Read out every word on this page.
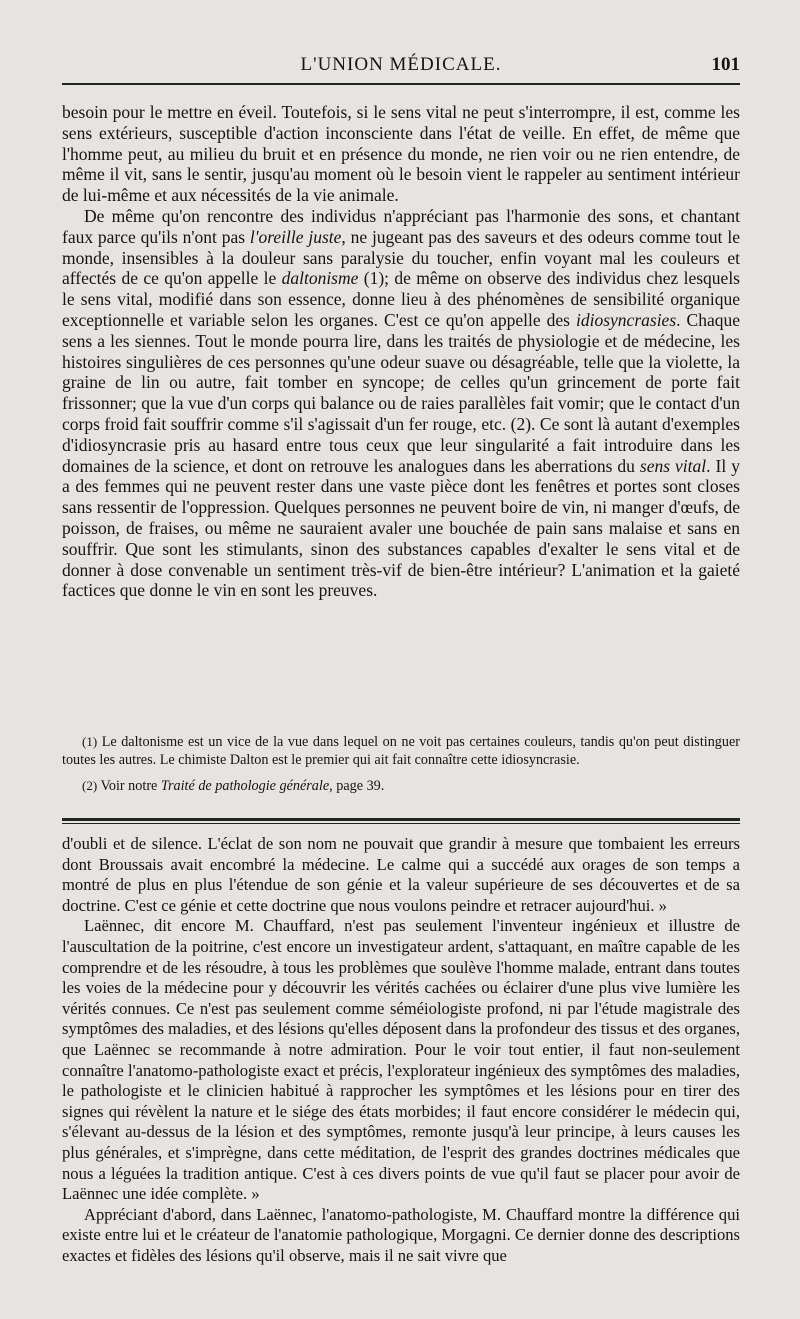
L'UNION MÉDICALE.	101

besoin pour le mettre en éveil. Toutefois, si le sens vital ne peut s'interrompre, il est, comme les sens extérieurs, susceptible d'action inconsciente dans l'état de veille. En effet, de même que l'homme peut, au milieu du bruit et en présence du monde, ne rien voir ou ne rien entendre, de même il vit, sans le sentir, jusqu'au moment où le besoin vient le rappeler au sentiment intérieur de lui-même et aux nécessités de la vie animale.

De même qu'on rencontre des individus n'appréciant pas l'harmonie des sons, et chantant faux parce qu'ils n'ont pas l'oreille juste, ne jugeant pas des saveurs et des odeurs comme tout le monde, insensibles à la douleur sans paralysie du toucher, enfin voyant mal les couleurs et affectés de ce qu'on appelle le daltonisme (1); de même on observe des individus chez lesquels le sens vital, modifié dans son essence, donne lieu à des phénomènes de sensibilité organique exceptionnelle et variable selon les organes. C'est ce qu'on appelle des idiosyncrasies. Chaque sens a les siennes. Tout le monde pourra lire, dans les traités de physiologie et de médecine, les histoires singulières de ces personnes qu'une odeur suave ou désagréable, telle que la violette, la graine de lin ou autre, fait tomber en syncope; de celles qu'un grincement de porte fait frissonner; que la vue d'un corps qui balance ou de raies parallèles fait vomir; que le contact d'un corps froid fait souffrir comme s'il s'agissait d'un fer rouge, etc. (2). Ce sont là autant d'exemples d'idiosyncrasie pris au hasard entre tous ceux que leur singularité a fait introduire dans les domaines de la science, et dont on retrouve les analogues dans les aberrations du sens vital. Il y a des femmes qui ne peuvent rester dans une vaste pièce dont les fenêtres et portes sont closes sans ressentir de l'oppression. Quelques personnes ne peuvent boire de vin, ni manger d'œufs, de poisson, de fraises, ou même ne sauraient avaler une bouchée de pain sans malaise et sans en souffrir. Que sont les stimulants, sinon des substances capables d'exalter le sens vital et de donner à dose convenable un sentiment très-vif de bien-être intérieur? L'animation et la gaieté factices que donne le vin en sont les preuves.

(1) Le daltonisme est un vice de la vue dans lequel on ne voit pas certaines couleurs, tandis qu'on peut distinguer toutes les autres. Le chimiste Dalton est le premier qui ait fait connaître cette idiosyncrasie.

(2) Voir notre Traité de pathologie générale, page 39.

d'oubli et de silence. L'éclat de son nom ne pouvait que grandir à mesure que tombaient les erreurs dont Broussais avait encombré la médecine. Le calme qui a succédé aux orages de son temps a montré de plus en plus l'étendue de son génie et la valeur supérieure de ses découvertes et de sa doctrine. C'est ce génie et cette doctrine que nous voulons peindre et retracer aujourd'hui. »

Laënnec, dit encore M. Chauffard, n'est pas seulement l'inventeur ingénieux et illustre de l'auscultation de la poitrine, c'est encore un investigateur ardent, s'attaquant, en maître capable de les comprendre et de les résoudre, à tous les problèmes que soulève l'homme malade, entrant dans toutes les voies de la médecine pour y découvrir les vérités cachées ou éclairer d'une plus vive lumière les vérités connues. Ce n'est pas seulement comme séméiologiste profond, ni par l'étude magistrale des symptômes des maladies, et des lésions qu'elles déposent dans la profondeur des tissus et des organes, que Laënnec se recommande à notre admiration. Pour le voir tout entier, il faut non-seulement connaître l'anatomo-pathologiste exact et précis, l'explorateur ingénieux des symptômes des maladies, le pathologiste et le clinicien habitué à rapprocher les symptômes et les lésions pour en tirer des signes qui révèlent la nature et le siége des états morbides; il faut encore considérer le médecin qui, s'élevant au-dessus de la lésion et des symptômes, remonte jusqu'à leur principe, à leurs causes les plus générales, et s'imprègne, dans cette méditation, de l'esprit des grandes doctrines médicales que nous a léguées la tradition antique. C'est à ces divers points de vue qu'il faut se placer pour avoir de Laënnec une idée complète. »

Appréciant d'abord, dans Laënnec, l'anatomo-pathologiste, M. Chauffard montre la différence qui existe entre lui et le créateur de l'anatomie pathologique, Morgagni. Ce dernier donne des descriptions exactes et fidèles des lésions qu'il observe, mais il ne sait vivre que
